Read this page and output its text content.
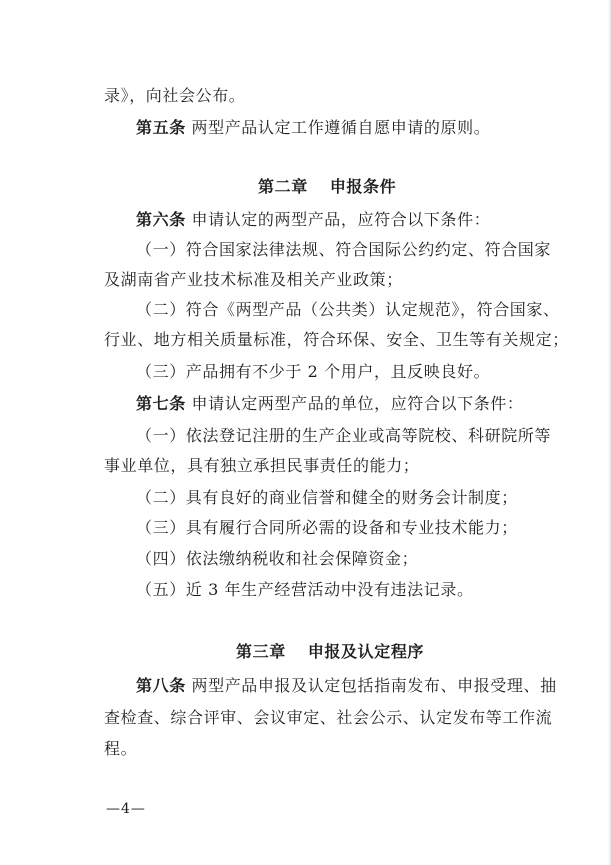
录》，向社会公布。
第五条 两型产品认定工作遵循自愿申请的原则。
第二章 申报条件
第六条 申请认定的两型产品，应符合以下条件：
（一）符合国家法律法规、符合国际公约约定、符合国家
及湖南省产业技术标准及相关产业政策；
（二）符合《两型产品（公共类）认定规范》，符合国家、
行业、地方相关质量标准，符合环保、安全、卫生等有关规定；
（三）产品拥有不少于 2 个用户，且反映良好。
第七条 申请认定两型产品的单位，应符合以下条件：
（一）依法登记注册的生产企业或高等院校、科研院所等
事业单位，具有独立承担民事责任的能力；
（二）具有良好的商业信誉和健全的财务会计制度；
（三）具有履行合同所必需的设备和专业技术能力；
（四）依法缴纳税收和社会保障资金；
（五）近 3 年生产经营活动中没有违法记录。
第三章 申报及认定程序
第八条 两型产品申报及认定包括指南发布、申报受理、抽
查检查、综合评审、会议审定、社会公示、认定发布等工作流
程。
—4—
